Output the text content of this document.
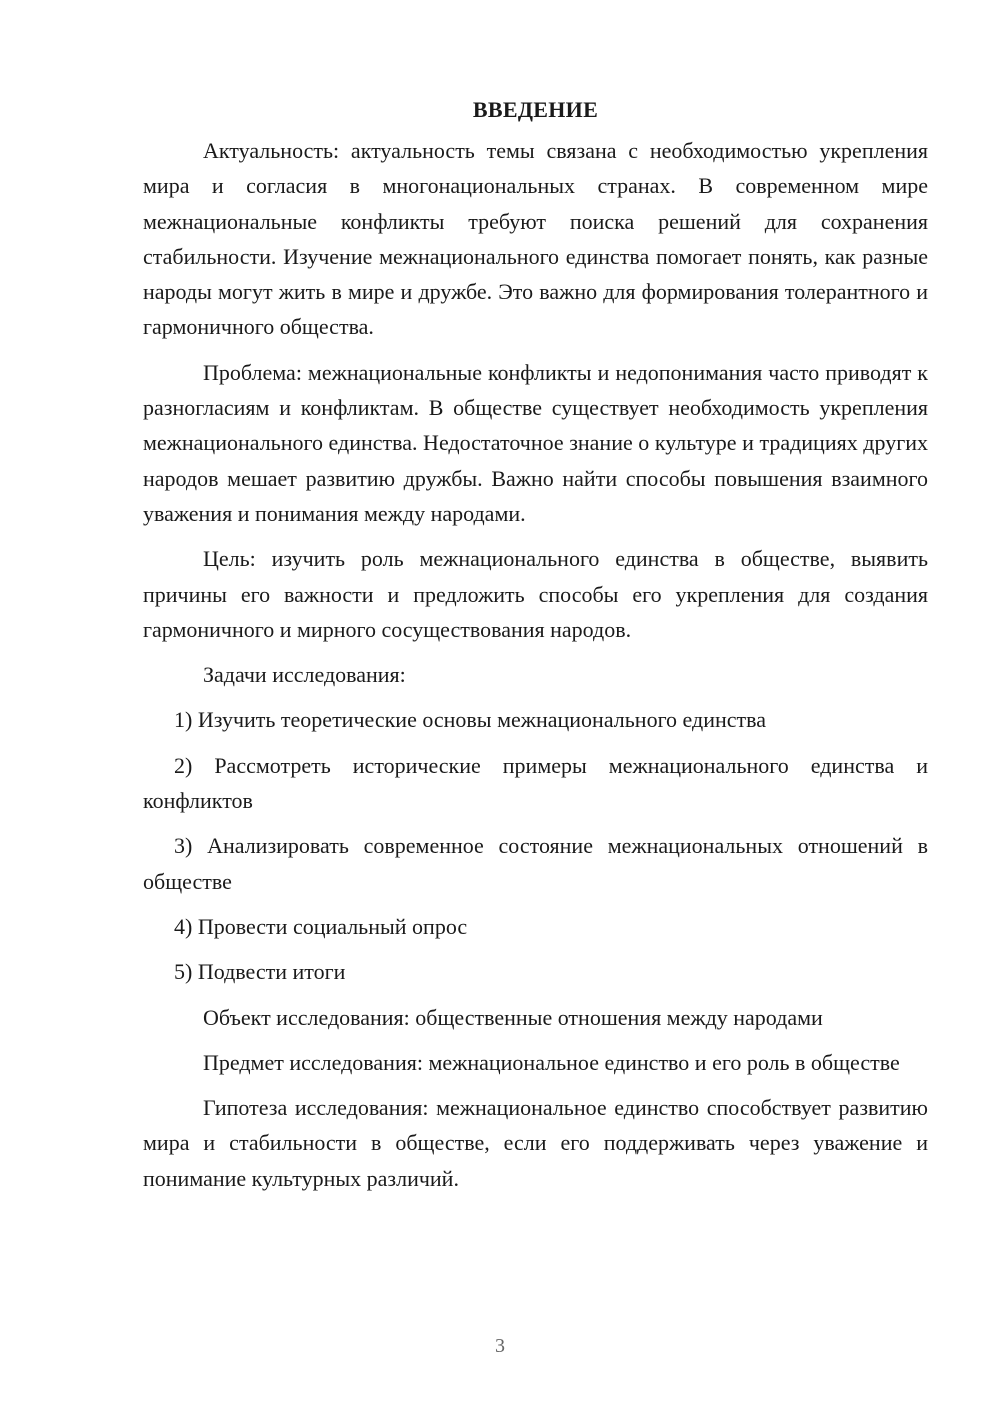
ВВЕДЕНИЕ

Актуальность: актуальность темы связана с необходимостью укрепления мира и согласия в многонациональных странах. В современном мире межнациональные конфликты требуют поиска решений для сохранения стабильности. Изучение межнационального единства помогает понять, как разные народы могут жить в мире и дружбе. Это важно для формирования толерантного и гармоничного общества.

Проблема: межнациональные конфликты и недопонимания часто приводят к разногласиям и конфликтам. В обществе существует необходимость укрепления межнационального единства. Недостаточное знание о культуре и традициях других народов мешает развитию дружбы. Важно найти способы повышения взаимного уважения и понимания между народами.

Цель: изучить роль межнационального единства в обществе, выявить причины его важности и предложить способы его укрепления для создания гармоничного и мирного сосуществования народов.

Задачи исследования:

1) Изучить теоретические основы межнационального единства

2) Рассмотреть исторические примеры межнационального единства и конфликтов

3) Анализировать современное состояние межнациональных отношений в обществе

4) Провести социальный опрос

5) Подвести итоги

Объект исследования: общественные отношения между народами

Предмет исследования: межнациональное единство и его роль в обществе

Гипотеза исследования: межнациональное единство способствует развитию мира и стабильности в обществе, если его поддерживать через уважение и понимание культурных различий.

3
